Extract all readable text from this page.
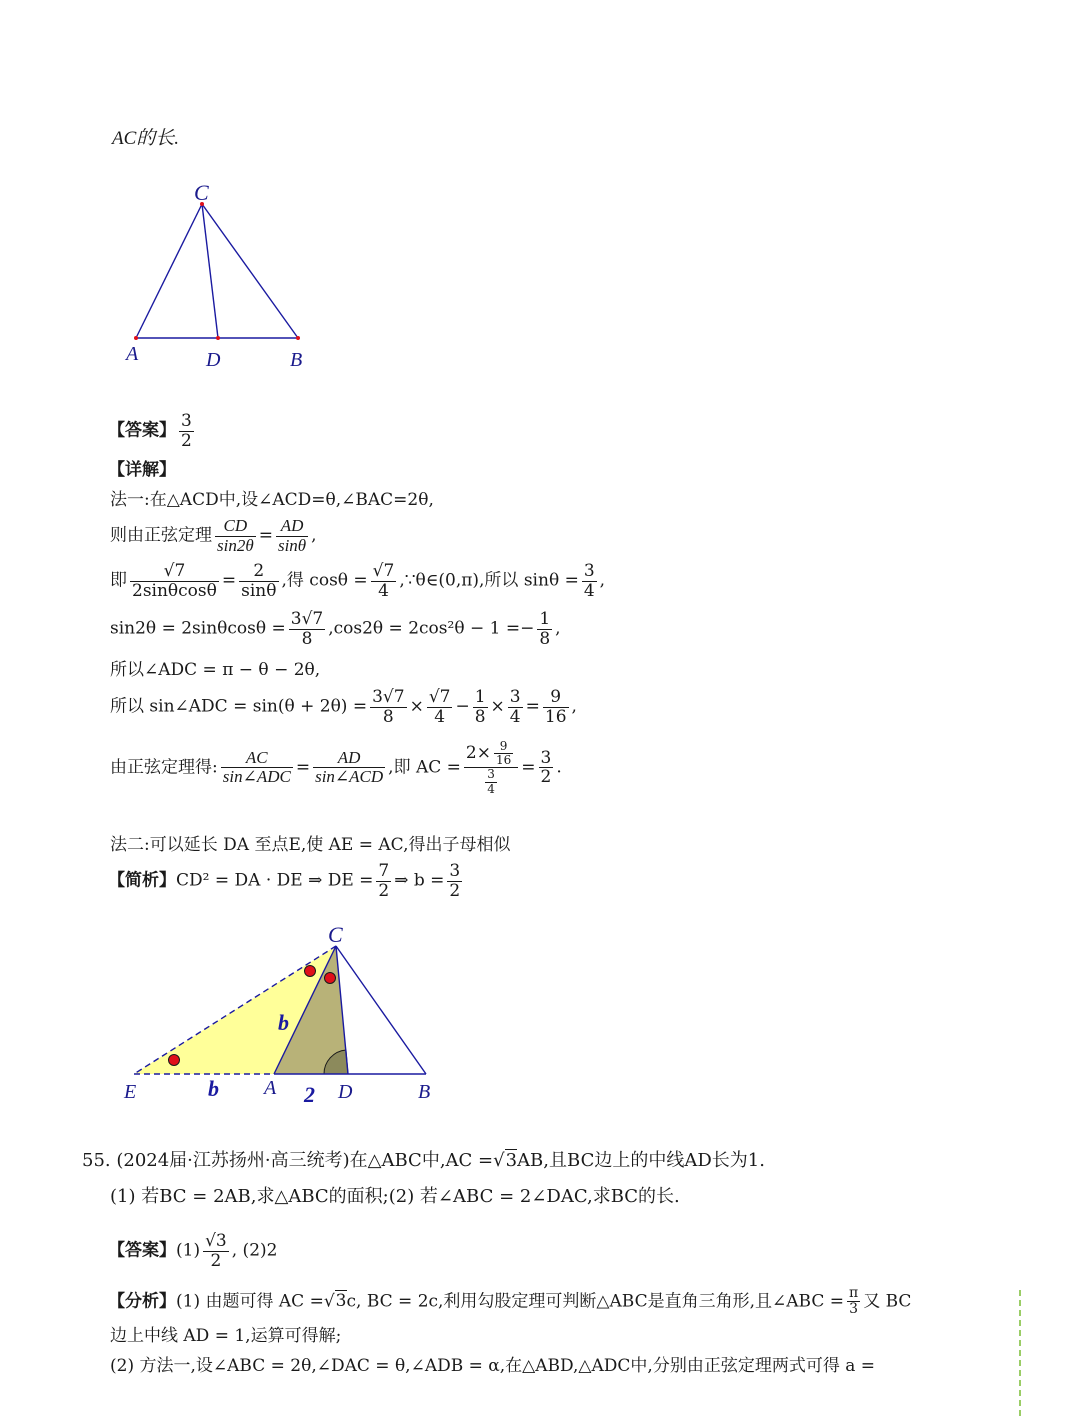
AC的长.
C
A	D	B
【答案】 $\frac{3}{2}$
【详解】
法一:在△ACD中,设∠ACD=θ,∠BAC=2θ,
则由正弦定理 $\frac{CD}{\sin 2\theta} = \frac{AD}{\sin\theta}$ ,
即 $\frac{√7}{2\sin\theta\cos\theta} = \frac{2}{\sin\theta}$ ,得 $\cos\theta = \frac{√7}{4}$ ,∵θ∈(0,π),所以 $\sin\theta = \frac{3}{4}$ ,
$\sin 2\theta = 2\sin\theta\cos\theta = \frac{3√7}{8} ,\cos 2\theta = 2\cos^2\theta - 1 =- \frac{1}{8}$ ,
所以∠ADC = π − θ − 2θ,
所以 sin∠ADC = $\sin(\theta + 2\theta) = \frac{3√7}{8} \times \frac{√7}{4} - \frac{1}{8} \times \frac{3}{4} = \frac{9}{16}$ ,
由正弦定理得:
AC
sin∠ADC =
AD
sin∠ACD ,即 AC = $\frac{2\times \frac{9}{16}}{\frac{3}{4}} = \frac{3}{2}$ .
法二:可以延长 DA 至点E,使 AE = AC,得出子母相似
【简析】CD² = DA · DE ⇒ DE = $\frac{7}{2}$ ⇒ $b = \frac{3}{2}$
C
E	A	D	B
b
b	2
55. (2024届·江苏扬州·高三统考)在△ABC中,AC =√3AB,且BC边上的中线AD长为1.
(1) 若BC = 2AB,求△ABC的面积;(2) 若∠ABC = 2∠DAC,求BC的长.
【答案】$(1) \frac{√3}{2}$ , (2)2
【分析】(1) 由题可得 AC =√3c, BC = 2c,利用勾股定理可判断△ABC是直角三角形,且∠ABC = $\frac{\pi}{3}$ 又 BC
边上中线 AD = 1,运算可得解;
(2) 方法一,设∠ABC = 2θ,∠DAC = θ,∠ADB = α,在△ABD,△ADC中,分别由正弦定理两式可得 a =
